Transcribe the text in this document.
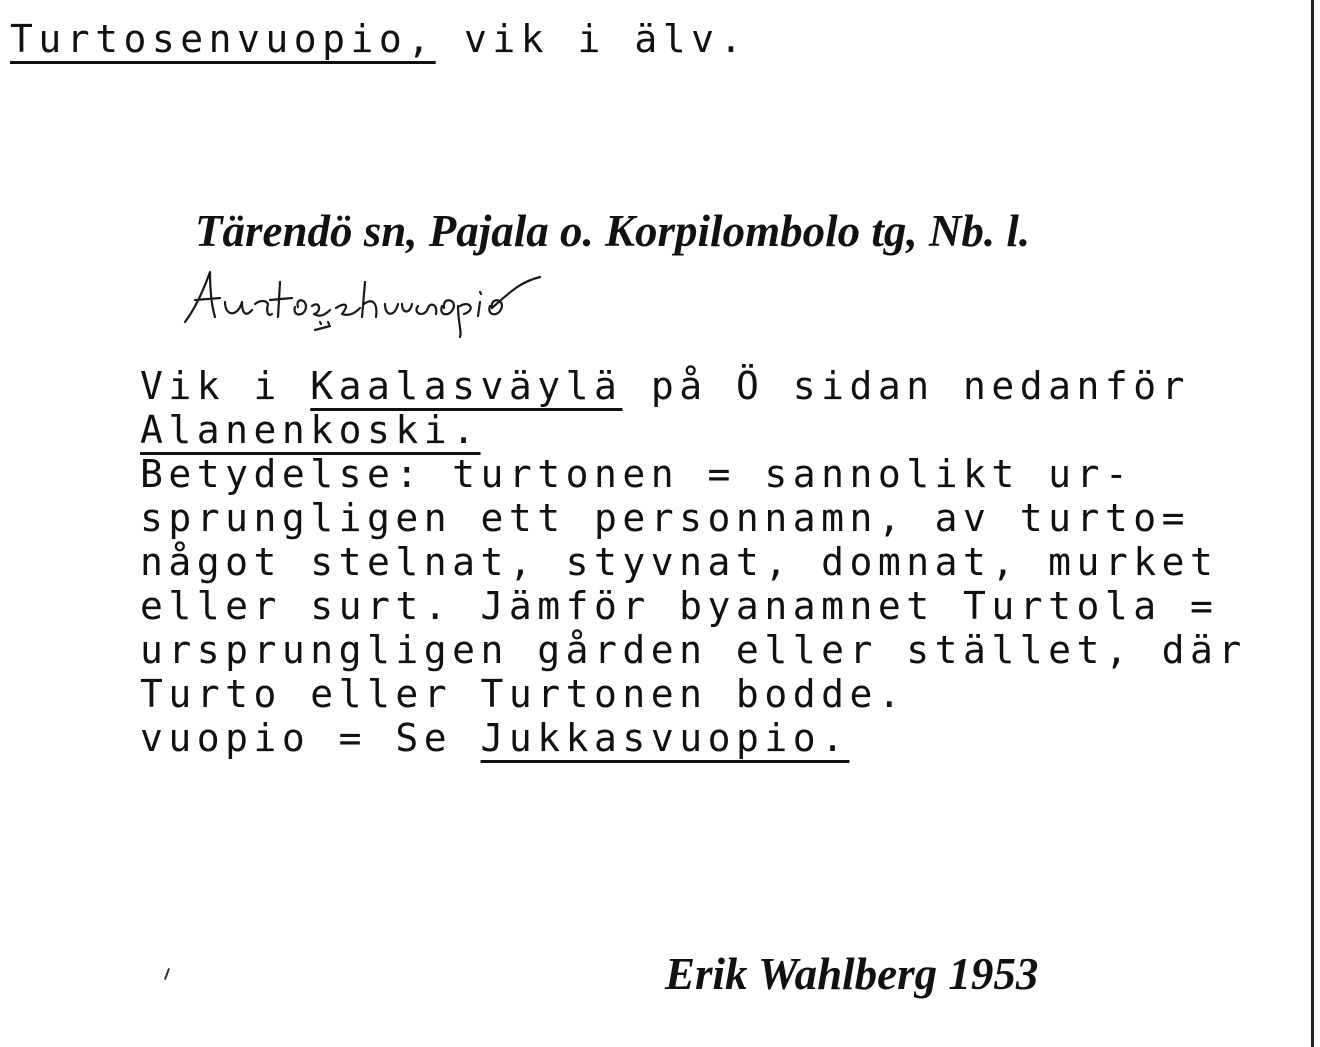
Turtosenvuopio, vik i älv.
Tärendö sn, Pajala o. Korpilombolo tg, Nb. l.
Vik i Kaalasväylä på Ö sidan nedanför
Alanenkoski.
Betydelse: turtonen = sannolikt ur-
sprungligen ett personnamn, av turto=
något stelnat, styvnat, domnat, murket
eller surt. Jämför byanamnet Turtola =
ursprungligen gården eller stället, där
Turto eller Turtonen bodde.
vuopio = Se Jukkasvuopio.
Erik Wahlberg 1953
